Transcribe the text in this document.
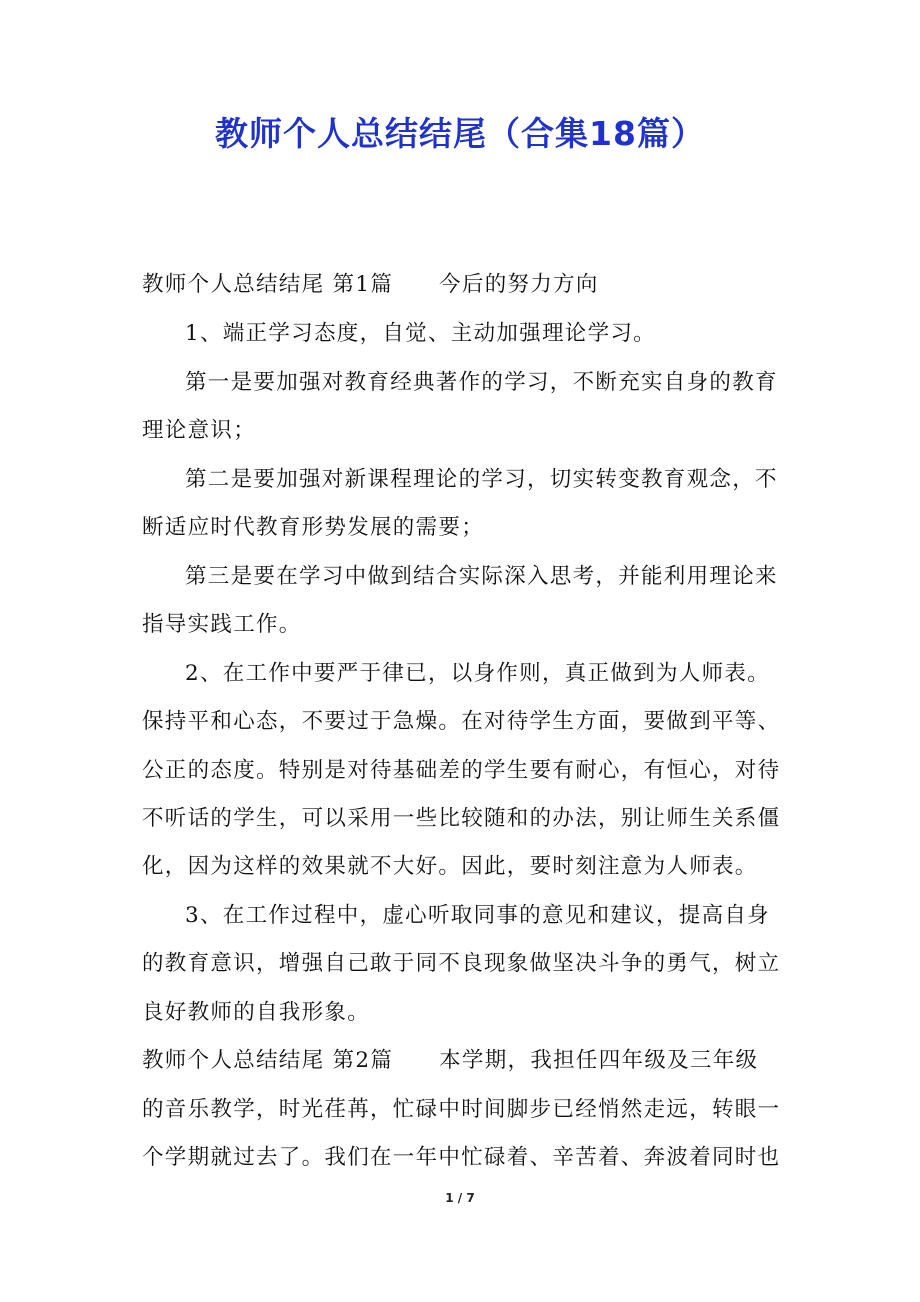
教师个人总结结尾（合集18篇）
教师个人总结结尾 第1篇 今后的努力方向
1、端正学习态度，自觉、主动加强理论学习。
第一是要加强对教育经典著作的学习，不断充实自身的教育
理论意识；
第二是要加强对新课程理论的学习，切实转变教育观念，不
断适应时代教育形势发展的需要；
第三是要在学习中做到结合实际深入思考，并能利用理论来
指导实践工作。
2、在工作中要严于律已，以身作则，真正做到为人师表。
保持平和心态，不要过于急燥。在对待学生方面，要做到平等、
公正的态度。特别是对待基础差的学生要有耐心，有恒心，对待
不听话的学生，可以采用一些比较随和的办法，别让师生关系僵
化，因为这样的效果就不大好。因此，要时刻注意为人师表。
3、在工作过程中，虚心听取同事的意见和建议，提高自身
的教育意识，增强自己敢于同不良现象做坚决斗争的勇气，树立
良好教师的自我形象。
教师个人总结结尾 第2篇 本学期，我担任四年级及三年级
的音乐教学，时光荏苒，忙碌中时间脚步已经悄然走远，转眼一
个学期就过去了。我们在一年中忙碌着、辛苦着、奔波着同时也
1 / 7
